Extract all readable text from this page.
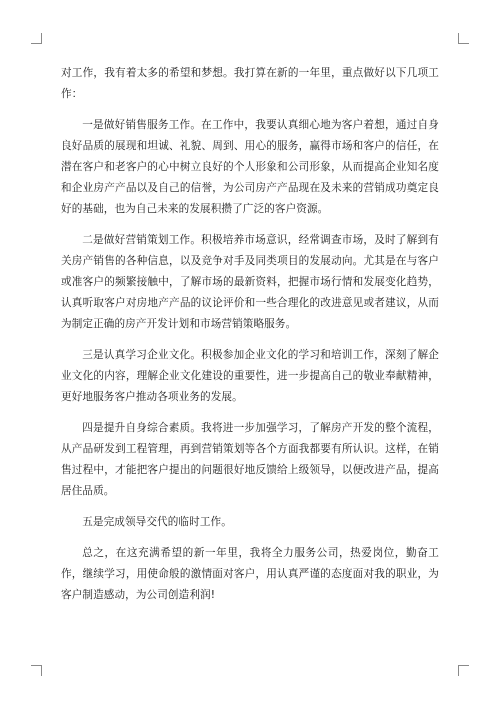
对工作，我有着太多的希望和梦想。我打算在新的一年里，重点做好以下几项工作：

一是做好销售服务工作。在工作中，我要认真细心地为客户着想，通过自身良好品质的展现和坦诚、礼貌、周到、用心的服务，赢得市场和客户的信任，在潜在客户和老客户的心中树立良好的个人形象和公司形象，从而提高企业知名度和企业房产产品以及自己的信誉，为公司房产产品现在及未来的营销成功奠定良好的基础，也为自己未来的发展积攒了广泛的客户资源。

二是做好营销策划工作。积极培养市场意识，经常调查市场，及时了解到有关房产销售的各种信息，以及竞争对手及同类项目的发展动向。尤其是在与客户或准客户的频繁接触中，了解市场的最新资料，把握市场行情和发展变化趋势，认真听取客户对房地产产品的议论评价和一些合理化的改进意见或者建议，从而为制定正确的房产开发计划和市场营销策略服务。

三是认真学习企业文化。积极参加企业文化的学习和培训工作，深刻了解企业文化的内容，理解企业文化建设的重要性，进一步提高自己的敬业奉献精神，更好地服务客户推动各项业务的发展。

四是提升自身综合素质。我将进一步加强学习，了解房产开发的整个流程，从产品研发到工程管理，再到营销策划等各个方面我都要有所认识。这样，在销售过程中，才能把客户提出的问题很好地反馈给上级领导，以便改进产品，提高居住品质。

五是完成领导交代的临时工作。

总之，在这充满希望的新一年里，我将全力服务公司，热爱岗位，勤奋工作，继续学习，用使命般的激情面对客户，用认真严谨的态度面对我的职业，为客户制造感动，为公司创造利润!
